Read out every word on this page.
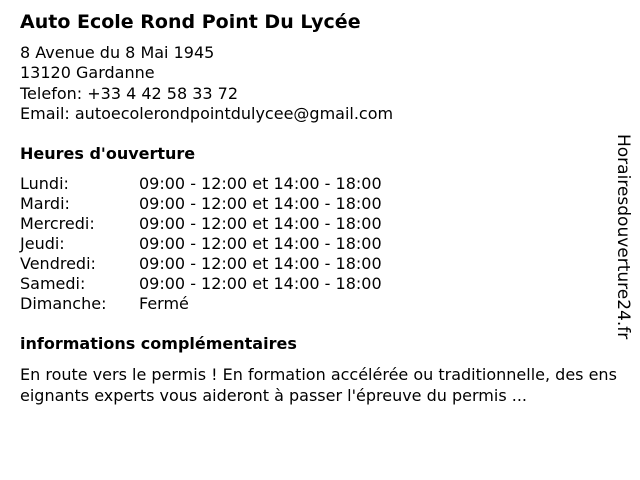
Auto Ecole Rond Point Du Lycée
8 Avenue du 8 Mai 1945
13120 Gardanne
Telefon: +33 4 42 58 33 72
Email: autoecolerondpointdulycee@gmail.com
Heures d'ouverture
Lundi:	09:00 - 12:00 et 14:00 - 18:00
Mardi:	09:00 - 12:00 et 14:00 - 18:00
Mercredi:	09:00 - 12:00 et 14:00 - 18:00
Jeudi:	09:00 - 12:00 et 14:00 - 18:00
Vendredi:	09:00 - 12:00 et 14:00 - 18:00
Samedi:	09:00 - 12:00 et 14:00 - 18:00
Dimanche: Fermé
informations complémentaires
En route vers le permis ! En formation accélérée ou traditionnelle, des enseignants experts vous aideront à passer l'épreuve du permis ...
Horairesdouverture24.fr
